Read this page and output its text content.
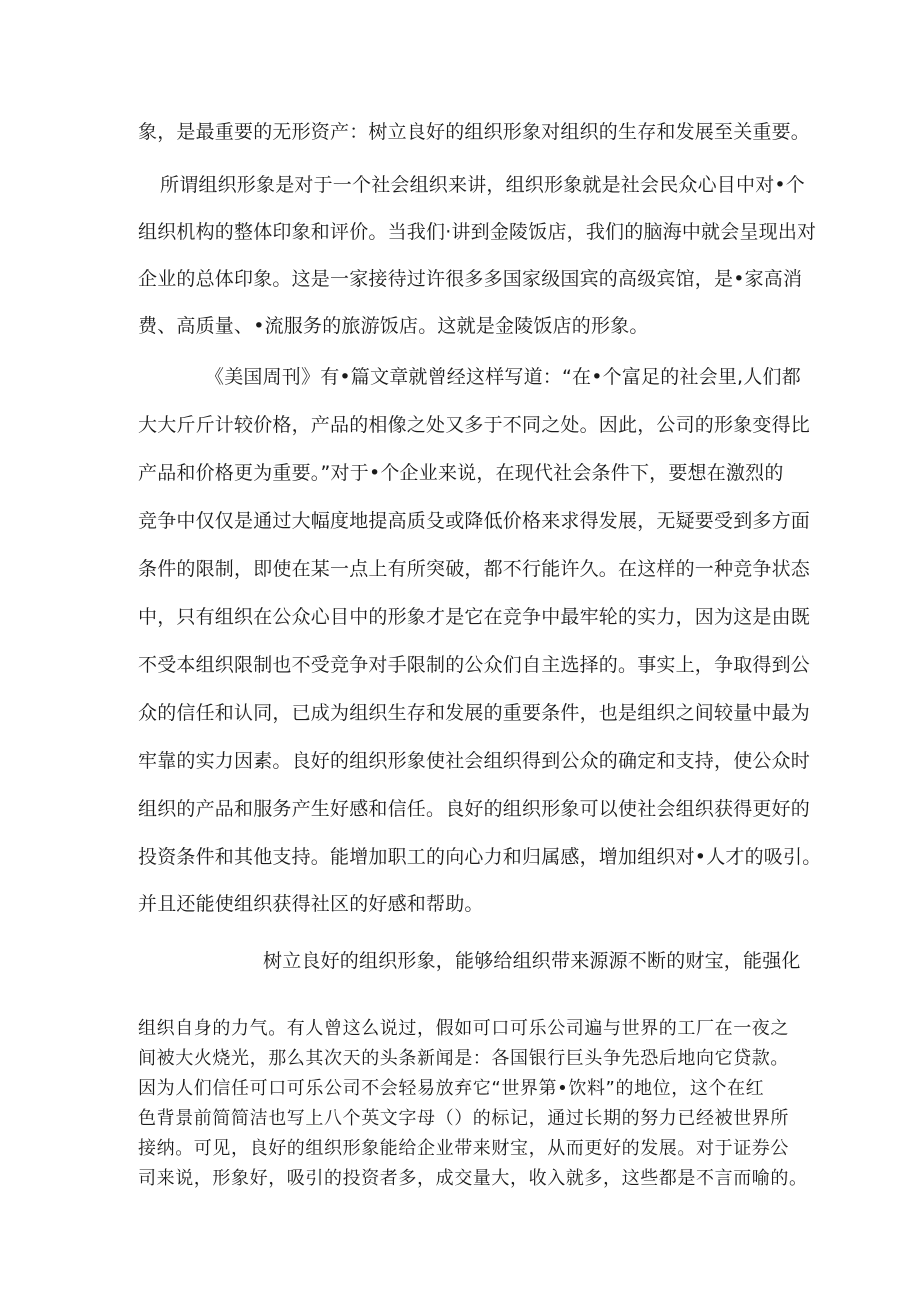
象，是最重要的无形资产：树立良好的组织形象对组织的生存和发展至关重要。
所谓组织形象是对于一个社会组织来讲，组织形象就是社会民众心目中对•个
组织机构的整体印象和评价。当我们·讲到金陵饭店，我们的脑海中就会呈现出对
企业的总体印象。这是一家接待过许很多多国家级国宾的高级宾馆，是•家高消
费、高质量、•流服务的旅游饭店。这就是金陵饭店的形象。
《美国周刊》有•篇文章就曾经这样写道：“在•个富足的社会里,人们都
大大斤斤计较价格，产品的相像之处又多于不同之处。因此，公司的形象变得比
产品和价格更为重要。”对于•个企业来说，在现代社会条件下，要想在激烈的
竞争中仅仅是通过大幅度地提高质殳或降低价格来求得发展，无疑要受到多方面
条件的限制，即使在某一点上有所突破，都不行能许久。在这样的一种竞争状态
中，只有组织在公众心目中的形象才是它在竞争中最牢轮的实力，因为这是由既
不受本组织限制也不受竞争对手限制的公众们自主选择的。事实上，争取得到公
众的信任和认同，已成为组织生存和发展的重要条件，也是组织之间较量中最为
牢靠的实力因素。良好的组织形象使社会组织得到公众的确定和支持，使公众时
组织的产品和服务产生好感和信任。良好的组织形象可以使社会组织获得更好的
投资条件和其他支持。能增加职工的向心力和归属感，增加组织对•人才的吸引。
并且还能使组织获得社区的好感和帮助。
树立良好的组织形象，能够给组织带来源源不断的财宝，能强化
组织自身的力气。有人曾这么说过，假如可口可乐公司遍与世界的工厂在一夜之
间被大火烧光，那么其次天的头条新闻是：各国银行巨头争先恐后地向它贷款。
因为人们信任可口可乐公司不会轻易放弃它“世界第•饮料”的地位，这个在红
色背景前简简洁也写上八个英文字母（）的标记，通过长期的努力已经被世界所
接纳。可见，良好的组织形象能给企业带来财宝，从而更好的发展。对于证券公
司来说，形象好，吸引的投资者多，成交量大，收入就多，这些都是不言而喻的。
